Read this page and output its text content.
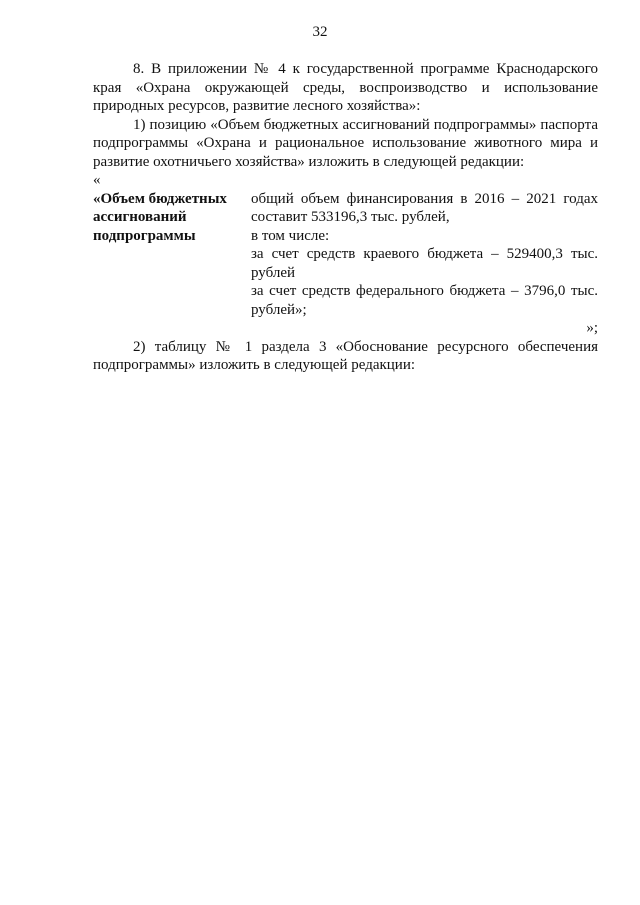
32

8. В приложении № 4 к государственной программе Краснодарского края «Охрана окружающей среды, воспроизводство и использование природных ресурсов, развитие лесного хозяйства»:

1) позицию «Объем бюджетных ассигнований подпрограммы» паспорта подпрограммы «Охрана и рациональное использование животного мира и развитие охотничьего хозяйства» изложить в следующей редакции:

«

«Объем бюджетных ассигнований подпрограммы

общий объем финансирования в 2016 – 2021 годах составит 533196,3 тыс. рублей,

в том числе:

за счет средств краевого бюджета – 529400,3 тыс. рублей

за счет средств федерального бюджета – 3796,0 тыс. рублей»;

»;

2) таблицу № 1 раздела 3 «Обоснование ресурсного обеспечения подпрограммы» изложить в следующей редакции:
